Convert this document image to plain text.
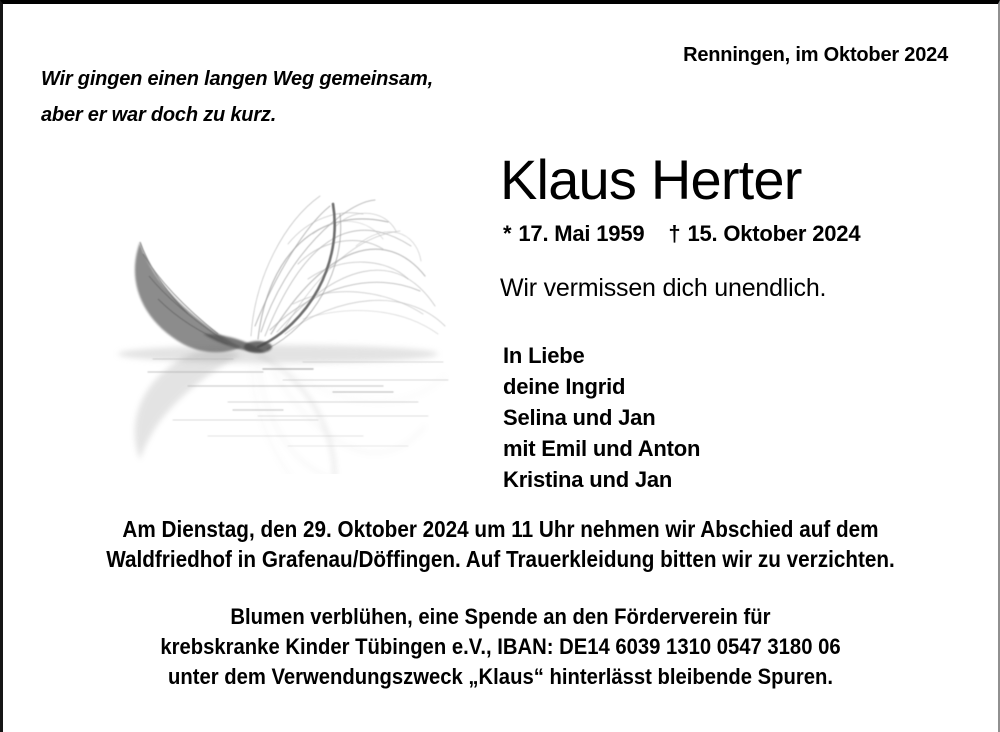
Renningen, im Oktober 2024
Wir gingen einen langen Weg gemeinsam,
aber er war doch zu kurz.
Klaus Herter
* 17. Mai 1959 † 15. Oktober 2024
Wir vermissen dich unendlich.
In Liebe
deine Ingrid
Selina und Jan
mit Emil und Anton
Kristina und Jan
Am Dienstag, den 29. Oktober 2024 um 11 Uhr nehmen wir Abschied auf dem
Waldfriedhof in Grafenau/Döffingen. Auf Trauerkleidung bitten wir zu verzichten.
Blumen verblühen, eine Spende an den Förderverein für
krebskranke Kinder Tübingen e.V., IBAN: DE14 6039 1310 0547 3180 06
unter dem Verwendungszweck „Klaus“ hinterlässt bleibende Spuren.
